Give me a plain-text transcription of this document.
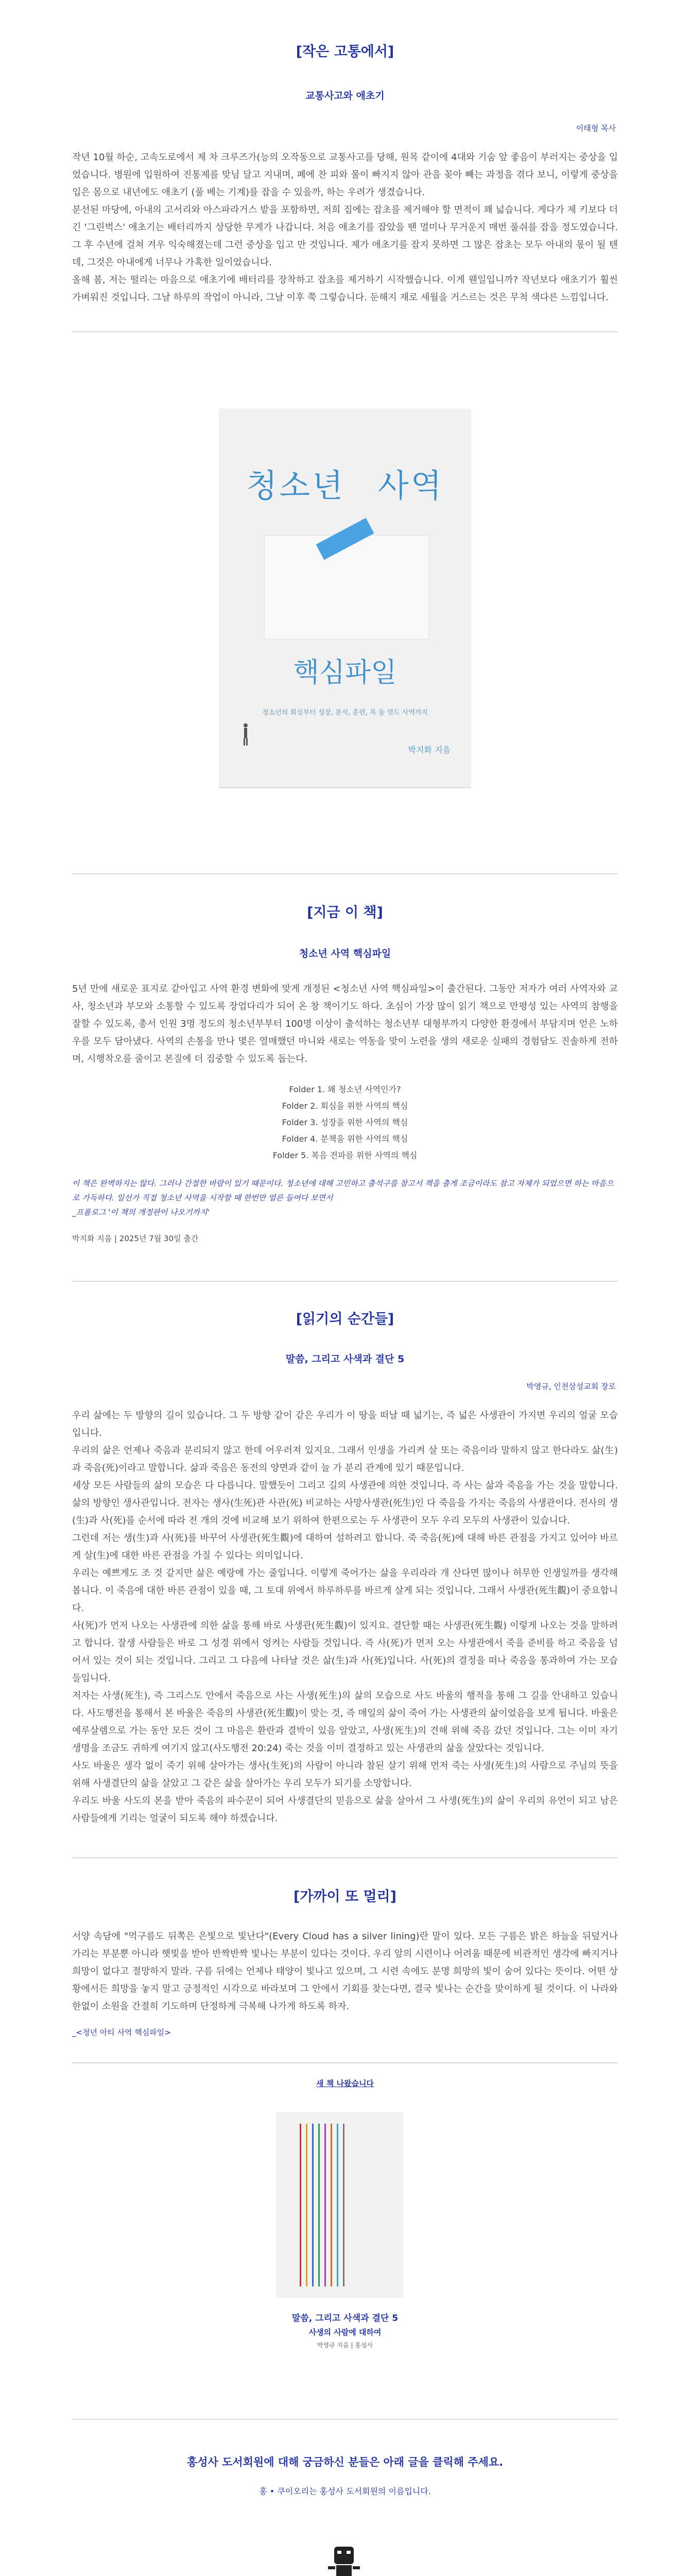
[작은 고통에서]
교통사고와 애초기
이태형 목사

작년 10월 하순, 고속도로에서 제 차 크루즈가(능의 오작동으로 교통사고를 당해, 원목 같이에 4대와 기숨 앞 좋음이 부러지는 중상을 입었습니다. 병원에 입원하여 진통제를 맞님 달고 지내며, 폐에 찬 피와 물이 빠지지 않아 관을 꽂아 빼는 과정을 겪다 보니, 이렇게 중상을 입은 몸으로 내년에도 애초기 (풀 베는 기계)를 잡을 수 있을까, 하는 우려가 생겼습니다.

분선된 마당에, 아내의 고서리와 아스파라거스 밭을 포함하면, 저희 집에는 잡초를 제거해야 할 면적이 꽤 넓습니다. 게다가 제 키보다 더 긴 '그린벅스' 애초기는 배터리까지 상당한 무게가 나갑니다. 처음 애초기를 잡았을 땐 멀미나 무거운지 매번 풀쉬를 잡을 정도였습니다. 그 후 수년에 걸쳐 겨우 익숙해졌는데 그런 중상을 입고 만 것입니다. 제가 애초기를 잡지 못하면 그 많은 잡초는 모두 아내의 몫이 될 텐데, 그것은 아내에게 너무나 가혹한 일이었습니다.

올해 봄, 저는 떨리는 마음으로 애초기에 배터리를 장착하고 잡초를 제거하기 시작했습니다. 이게 웬일입니까? 작년보다 애초기가 훨씬 가벼워진 것입니다. 그날 하루의 작업이 아니라, 그날 이후 쭉 그렇습니다. 둔해지 재로 세월을 거스르는 것은 무척 색다른 느낌입니다.

청소년 사역
핵심파일
청소년의 회심부터 성장, 분석, 훈련, 목 둘 멋드 사역까지
박지화 지음
[지금 이 책]
청소년 사역 핵심파일
5년 만에 새로운 표지로 같아입고 사역 환경 변화에 맞게 개정된 <청소년 사역 핵심파일>이 출간된다. 그동안 저자가 여러 사역자와 교사, 청소년과 부모와 소통할 수 있도록 장업다리가 되어 온 창 책이기도 하다. 초심이 가장 많이 읽기 책으로 만평성 있는 사역의 참행을 잘할 수 있도록, 총서 인원 3명 정도의 청소년부부터 100명 이상이 출석하는 청소년부 대형부까지 다양한 환경에서 부담지며 얻은 노하우를 모두 담아냈다. 사역의 손통을 만나 몇은 열매했던 마니와 새로는 역동을 맞이 노련을 생의 새로운 실패의 경험담도 진솔하게 전하며, 시행착오를 줄이고 본질에 더 집중할 수 있도록 돕는다.
Folder 1. 왜 청소년 사역인가?
Folder 2. 회심을 위한 사역의 핵심
Folder 3. 성장을 위한 사역의 핵심
Folder 4. 분책을 위한 사역의 핵심
Folder 5. 복음 전파를 위한 사역의 핵심
이 책은 완벽하지는 않다. 그러나 간절한 바람이 있기 때문이다. 청소년에 대해 고민하고 출석구를 참고서 책을 출게 조금이라도 참고 자체가 되었으면 하는 마음으로 가득하다. 일선가 직접 청소년 사역을 시작할 때 한번만 얼른 들여다 보면서
_프롤로그 '이 책의 개정판이 나오기까지'
박지화 지음 | 2025년 7월 30일 출간
[읽기의 순간들]
말씀, 그리고 사색과 결단 5
박영규, 인천삼성교회 장로

우리 삶에는 두 방향의 길이 있습니다. 그 두 방향 같이 같은 우리가 이 땅을 떠날 때 넓기는, 즉 넓은 사생관이 가지면 우리의 얼굴 모습입니다.

우리의 삶은 언제나 죽음과 분리되지 않고 한데 어우러져 있지요. 그래서 인생을 가리켜 살 또는 죽음이라 말하지 않고 한다라도 삶(生)과 죽음(死)이라고 말합니다. 삶과 죽음은 동전의 양면과 같이 늘 가 분리 관계에 있기 때문입니다.

세상 모든 사람들의 삶의 모습은 다 다릅니다. 말했듯이 그리고 길의 사생관에 의한 것입니다. 즉 사는 삶과 죽음을 가는 것을 말합니다. 삶의 방향인 생사관입니다. 전자는 생사(生死)관 사관(死) 비교하는 사망사생관(死生)인 다 죽음을 가지는 죽음의 사생관이다. 전사의 생(生)과 사(死)를 순서에 따라 전 개의 것에 비교해 보기 위하여 한편으로는 두 사생관이 모두 우리 모두의 사생관이 있습니다.

그런데 저는 생(生)과 사(死)를 바꾸어 사생관(死生觀)에 대하여 설하려고 합니다. 죽 죽음(死)에 대해 바른 관점을 가지고 있어야 바르게 살(生)에 대한 바른 관점을 가질 수 있다는 의미입니다.

우리는 예쁘게도 조 것 같지만 삶은 예랑에 가는 줄입니다. 이렇게 죽어가는 삶을 우리라라 개 산다면 많이나 허무한 인생일까를 생각해 봅니다. 이 죽음에 대한 바른 관점이 있을 때, 그 토대 위에서 하루하루를 바르게 살게 되는 것입니다. 그래서 사생관(死生觀)이 중요합니다.

사(死)가 먼저 나오는 사생관에 의한 삶을 통해 바로 사생관(死生觀)이 있지요. 결단할 때는 사생관(死生觀) 이렇게 나오는 것을 말하려고 합니다. 잘생 사람들은 바로 그 성경 위에서 엉켜는 사람들 것입니다. 즉 사(死)가 먼저 오는 사생관에서 죽을 준비를 하고 죽음을 넘어서 있는 것이 되는 것입니다. 그리고 그 다음에 나타날 것은 삶(生)과 사(死)입니다. 사(死)의 결정을 떠나 죽음을 통과하여 가는 모습들입니다.

저자는 사생(死生), 즉 그리스도 안에서 죽음으로 사는 사생(死生)의 삶의 모습으로 사도 바울의 행적을 통해 그 길을 안내하고 있습니다. 사도행전을 통해서 본 바울은 죽음의 사생관(死生觀)이 맞는 것, 즉 매일의 삶이 죽어 가는 사생관의 삶이었음을 보게 됩니다. 바울은 예루살렘으로 가는 동안 모든 것이 그 마음은 환란과 결박이 있음 알았고, 사생(死生)의 견해 위해 죽음 갔던 것입니다. 그는 이미 자기 생명을 조금도 귀하게 여기지 않고(사도행전 20:24) 죽는 것을 이미 결정하고 있는 사생관의 삶을 살았다는 것입니다.

사도 바울은 생각 없이 죽기 위해 살아가는 생사(生死)의 사람이 아니라 참된 살기 위해 먼저 죽는 사생(死生)의 사람으로 주님의 뜻을 위해 사생결단의 삶을 살았고 그 같은 삶을 살아가는 우리 모두가 되기를 소망합니다.

우리도 바울 사도의 본을 받아 죽음의 파수꾼이 되어 사생결단의 믿음으로 삶을 살아서 그 사생(死生)의 삶이 우리의 유언이 되고 남은 사람들에게 기리는 얼굴이 되도록 해야 하겠습니다.

[가까이 또 멀리]
서양 속담에 "먹구름도 뒤쪽은 은빛으로 빛난다"(Every Cloud has a silver lining)란 말이 있다. 모든 구름은 밝은 하늘을 뒤덮거나 가리는 부분뿐 아니라 햇빛을 받아 반짝반짝 빛나는 부분이 있다는 것이다. 우리 앞의 시련이나 어려움 때문에 비관적인 생각에 빠지거나 희망이 없다고 절망하지 말라. 구름 뒤에는 언제나 태양이 빛나고 있으며, 그 시련 속에도 분명 희망의 빛이 숨어 있다는 뜻이다. 어떤 상황에서든 희망을 놓지 말고 긍정적인 시각으로 바라보며 그 안에서 기회를 찾는다면, 결국 빛나는 순간을 맞이하게 될 것이다. 이 나라와 한없이 소원을 간절히 기도하며 단정하게 극복해 나가게 하도록 하자.
_<청년 아티 사역 핵심파일>
새 책 나왔습니다
말씀, 그리고 사색과 결단 5
사생의 사람에 대하여
박영규 지음 | 홍성사
홍성사 도서회원에 대해 궁금하신 분들은 아래 글을 클릭해 주세요.
홍 • 쿠이오리는 홍성사 도서회원의 이름입니다.
